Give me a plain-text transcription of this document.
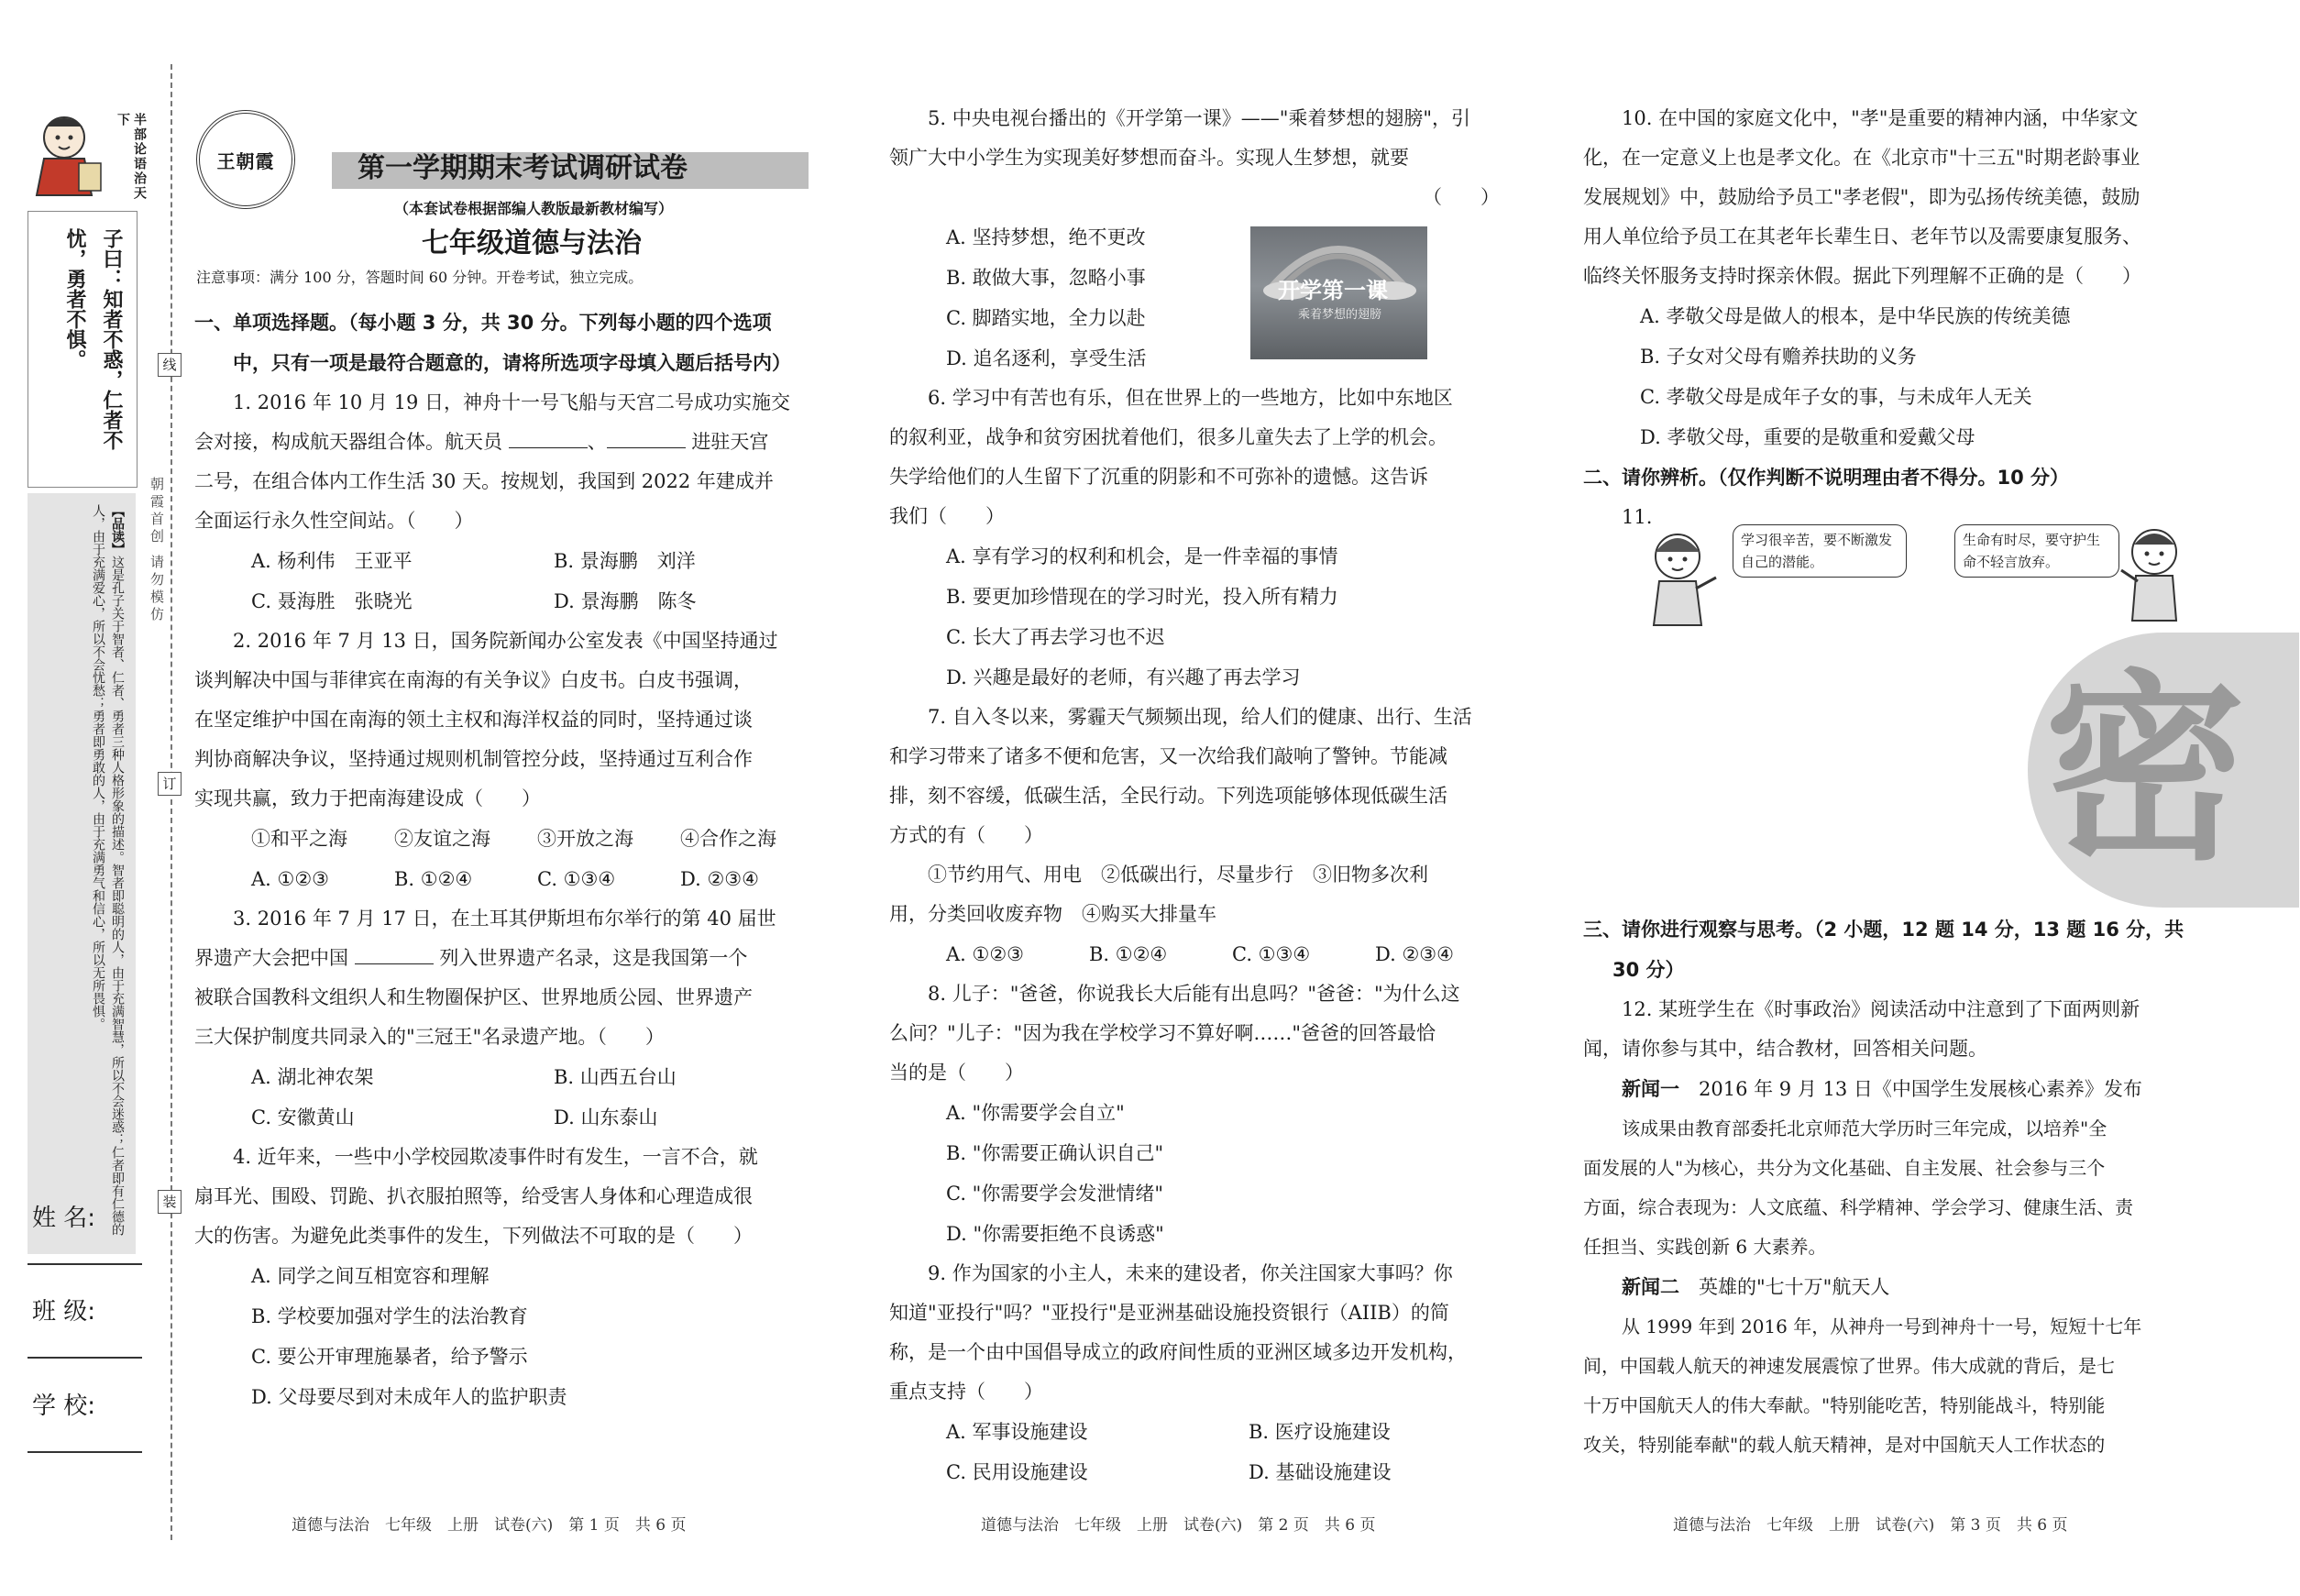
半部论语治天下
子曰：知者不惑，仁者不忧，勇者不惧。
【品读】这是孔子关于智者、仁者、勇者三种人格形象的描述。智者即聪明的人，由于充满智慧，所以不会迷惑；仁者即有仁德的人，由于充满爱心，所以不会忧愁；勇者即勇敢的人，由于充满勇气和信心，所以无所畏惧。
姓 名:
班 级:
学 校:
线
订
装
朝霞首创 请勿模仿
王朝霞	第一学期期末考试调研试卷
（本套试卷根据部编人教版最新教材编写）
七年级道德与法治
注意事项：满分 100 分，答题时间 60 分钟。开卷考试，独立完成。

一、单项选择题。（每小题 3 分，共 30 分。下列每小题的四个选项

中，只有一项是最符合题意的，请将所选项字母填入题后括号内）

1. 2016 年 10 月 19 日，神舟十一号飞船与天宫二号成功实施交

会对接，构成航天器组合体。航天员	、	进驻天宫

二号，在组合体内工作生活 30 天。按规划，我国到 2022 年建成并

全面运行永久性空间站。（　　）

A. 杨利伟　王亚平	B. 景海鹏　刘洋
C. 聂海胜　张晓光	D. 景海鹏　陈冬

2. 2016 年 7 月 13 日，国务院新闻办公室发表《中国坚持通过

谈判解决中国与菲律宾在南海的有关争议》白皮书。白皮书强调，

在坚定维护中国在南海的领土主权和海洋权益的同时，坚持通过谈

判协商解决争议，坚持通过规则机制管控分歧，坚持通过互利合作

实现共赢，致力于把南海建设成（　　）

①和平之海	②友谊之海	③开放之海	④合作之海
A. ①②③	B. ①②④	C. ①③④	D. ②③④

3. 2016 年 7 月 17 日，在土耳其伊斯坦布尔举行的第 40 届世

界遗产大会把中国	列入世界遗产名录，这是我国第一个

被联合国教科文组织人和生物圈保护区、世界地质公园、世界遗产

三大保护制度共同录入的"三冠王"名录遗产地。（　　）

A. 湖北神农架	B. 山西五台山
C. 安徽黄山	D. 山东泰山

4. 近年来，一些中小学校园欺凌事件时有发生，一言不合，就

扇耳光、围殴、罚跪、扒衣服拍照等，给受害人身体和心理造成很

大的伤害。为避免此类事件的发生，下列做法不可取的是（　　）

A. 同学之间互相宽容和理解
B. 学校要加强对学生的法治教育
C. 要公开审理施暴者，给予警示
D. 父母要尽到对未成年人的监护职责
道德与法治　七年级　上册　试卷(六)　第 1 页　共 6 页

5. 中央电视台播出的《开学第一课》——"乘着梦想的翅膀"，引

领广大中小学生为实现美好梦想而奋斗。实现人生梦想，就要

（　　）

A. 坚持梦想，绝不更改
B. 敢做大事，忽略小事
C. 脚踏实地，全力以赴
D. 追名逐利，享受生活
开学第一课
乘着梦想的翅膀

6. 学习中有苦也有乐，但在世界上的一些地方，比如中东地区

的叙利亚，战争和贫穷困扰着他们，很多儿童失去了上学的机会。

失学给他们的人生留下了沉重的阴影和不可弥补的遗憾。这告诉

我们（　　）

A. 享有学习的权利和机会，是一件幸福的事情
B. 要更加珍惜现在的学习时光，投入所有精力
C. 长大了再去学习也不迟
D. 兴趣是最好的老师，有兴趣了再去学习

7. 自入冬以来，雾霾天气频频出现，给人们的健康、出行、生活

和学习带来了诸多不便和危害，又一次给我们敲响了警钟。节能减

排，刻不容缓，低碳生活，全民行动。下列选项能够体现低碳生活

方式的有（　　）

①节约用气、用电　②低碳出行，尽量步行　③旧物多次利

用，分类回收废弃物　④购买大排量车

A. ①②③	B. ①②④	C. ①③④	D. ②③④

8. 儿子："爸爸，你说我长大后能有出息吗？"爸爸："为什么这

么问？"儿子："因为我在学校学习不算好啊……"爸爸的回答最恰

当的是（　　）

A. "你需要学会自立"
B. "你需要正确认识自己"
C. "你需要学会发泄情绪"
D. "你需要拒绝不良诱惑"

9. 作为国家的小主人，未来的建设者，你关注国家大事吗？你

知道"亚投行"吗？"亚投行"是亚洲基础设施投资银行（AIIB）的简

称，是一个由中国倡导成立的政府间性质的亚洲区域多边开发机构，

重点支持（　　）

A. 军事设施建设	B. 医疗设施建设
C. 民用设施建设	D. 基础设施建设
道德与法治　七年级　上册　试卷(六)　第 2 页　共 6 页

10. 在中国的家庭文化中，"孝"是重要的精神内涵，中华家文

化，在一定意义上也是孝文化。在《北京市"十三五"时期老龄事业

发展规划》中，鼓励给予员工"孝老假"，即为弘扬传统美德，鼓励

用人单位给予员工在其老年长辈生日、老年节以及需要康复服务、

临终关怀服务支持时探亲休假。据此下列理解不正确的是（　　）

A. 孝敬父母是做人的根本，是中华民族的传统美德
B. 子女对父母有赡养扶助的义务
C. 孝敬父母是成年子女的事，与未成年人无关
D. 孝敬父母，重要的是敬重和爱戴父母

二、请你辨析。（仅作判断不说明理由者不得分。10 分）

11.

学习很辛苦，要不断激发自己的潜能。
生命有时尽，要守护生命不轻言放弃。
密

三、请你进行观察与思考。（2 小题，12 题 14 分，13 题 16 分，共

30 分）

12. 某班学生在《时事政治》阅读活动中注意到了下面两则新

闻，请你参与其中，结合教材，回答相关问题。

新闻一　 2016 年 9 月 13 日《中国学生发展核心素养》发布

该成果由教育部委托北京师范大学历时三年完成，以培养"全

面发展的人"为核心，共分为文化基础、自主发展、社会参与三个

方面，综合表现为：人文底蕴、科学精神、学会学习、健康生活、责

任担当、实践创新 6 大素养。

新闻二　 英雄的"七十万"航天人

从 1999 年到 2016 年，从神舟一号到神舟十一号，短短十七年

间，中国载人航天的神速发展震惊了世界。伟大成就的背后，是七

十万中国航天人的伟大奉献。"特别能吃苦，特别能战斗，特别能

攻关，特别能奉献"的载人航天精神，是对中国航天人工作状态的

道德与法治　七年级　上册　试卷(六)　第 3 页　共 6 页
